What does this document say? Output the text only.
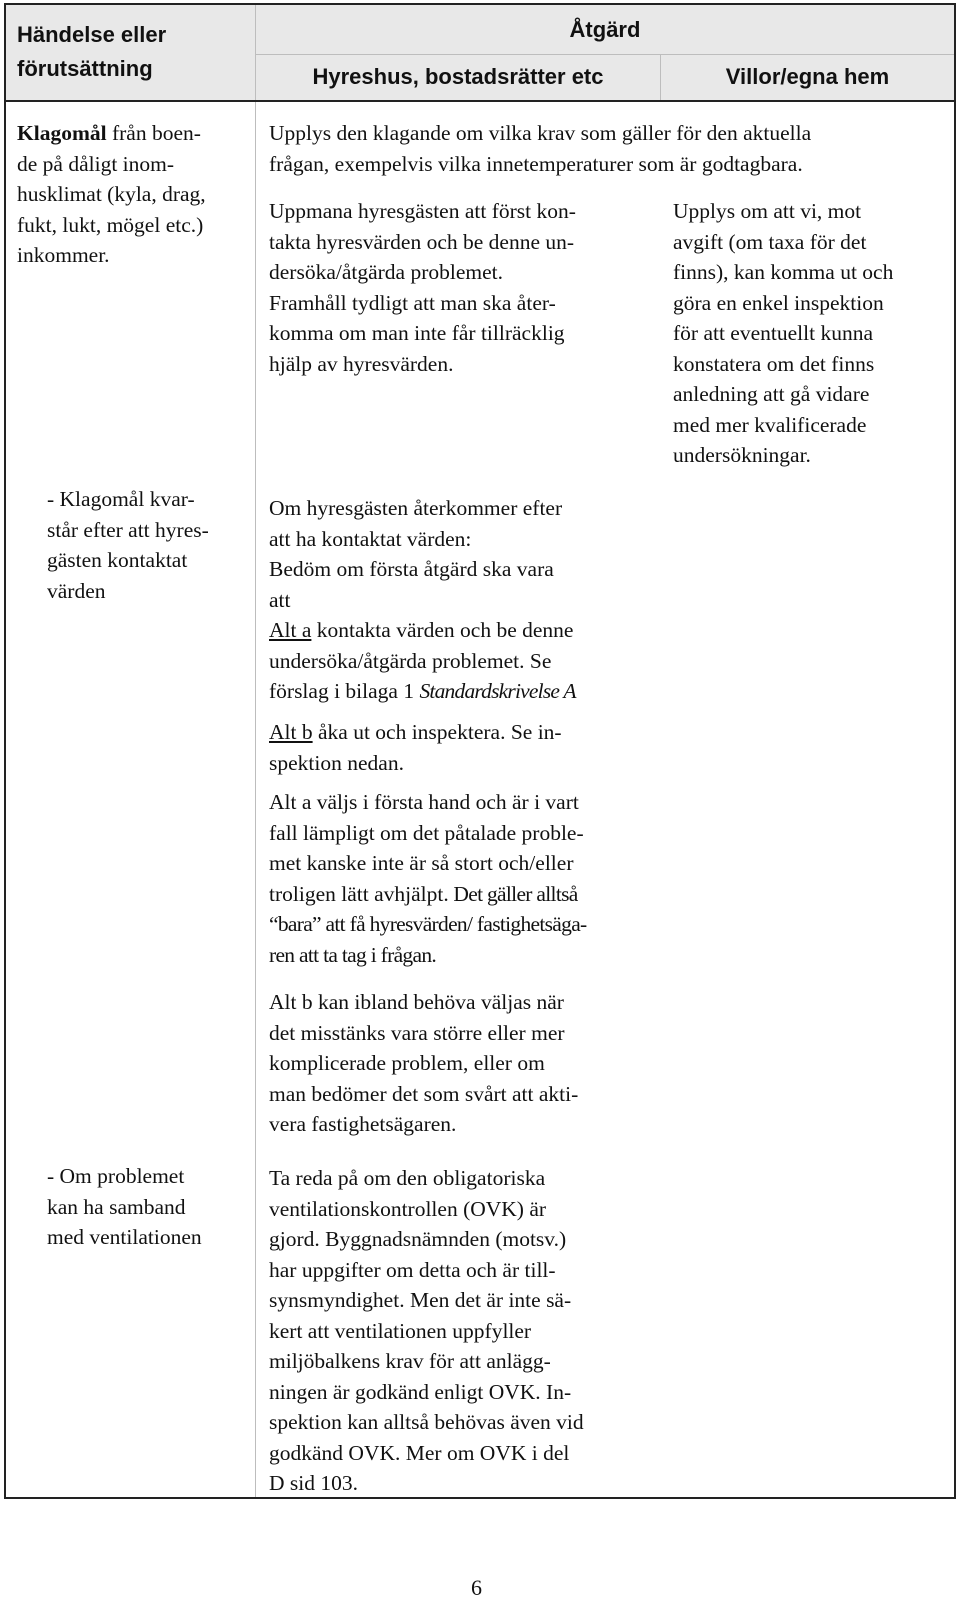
Händelse eller
förutsättning
Åtgärd
Hyreshus, bostadsrätter etc	Villor/egna hem
Klagomål från boen-
de på dåligt inom-
husklimat (kyla, drag,
fukt, lukt, mögel etc.)
inkommer.
- Klagomål kvar-
står efter att hyres-
gästen kontaktat
värden
- Om problemet
kan ha samband
med ventilationen
Upplys den klagande om vilka krav som gäller för den aktuella
frågan, exempelvis vilka innetemperaturer som är godtagbara.
Uppmana hyresgästen att först kon-
takta hyresvärden och be denne un-
dersöka/åtgärda problemet.
Framhåll tydligt att man ska åter-
komma om man inte får tillräcklig
hjälp av hyresvärden.
Upplys om att vi, mot
avgift (om taxa för det
finns), kan komma ut och
göra en enkel inspektion
för att eventuellt kunna
konstatera om det finns
anledning att gå vidare
med mer kvalificerade
undersökningar.
Om hyresgästen återkommer efter
att ha kontaktat värden:
Bedöm om första åtgärd ska vara
att
Alt a kontakta värden och be denne
undersöka/åtgärda problemet. Se
förslag i bilaga 1 Standardskrivelse A
Alt b åka ut och inspektera. Se in-
spektion nedan.
Alt a väljs i första hand och är i vart
fall lämpligt om det påtalade proble-
met kanske inte är så stort och/eller
troligen lätt avhjälpt. Det gäller alltså
“bara” att få hyresvärden/ fastighetsäga-
ren att ta tag i frågan.
Alt b kan ibland behöva väljas när
det misstänks vara större eller mer
komplicerade problem, eller om
man bedömer det som svårt att akti-
vera fastighetsägaren.
Ta reda på om den obligatoriska
ventilationskontrollen (OVK) är
gjord. Byggnadsnämnden (motsv.)
har uppgifter om detta och är till-
synsmyndighet. Men det är inte sä-
kert att ventilationen uppfyller
miljöbalkens krav för att anlägg-
ningen är godkänd enligt OVK. In-
spektion kan alltså behövas även vid
godkänd OVK. Mer om OVK i del
D sid 103.
6
